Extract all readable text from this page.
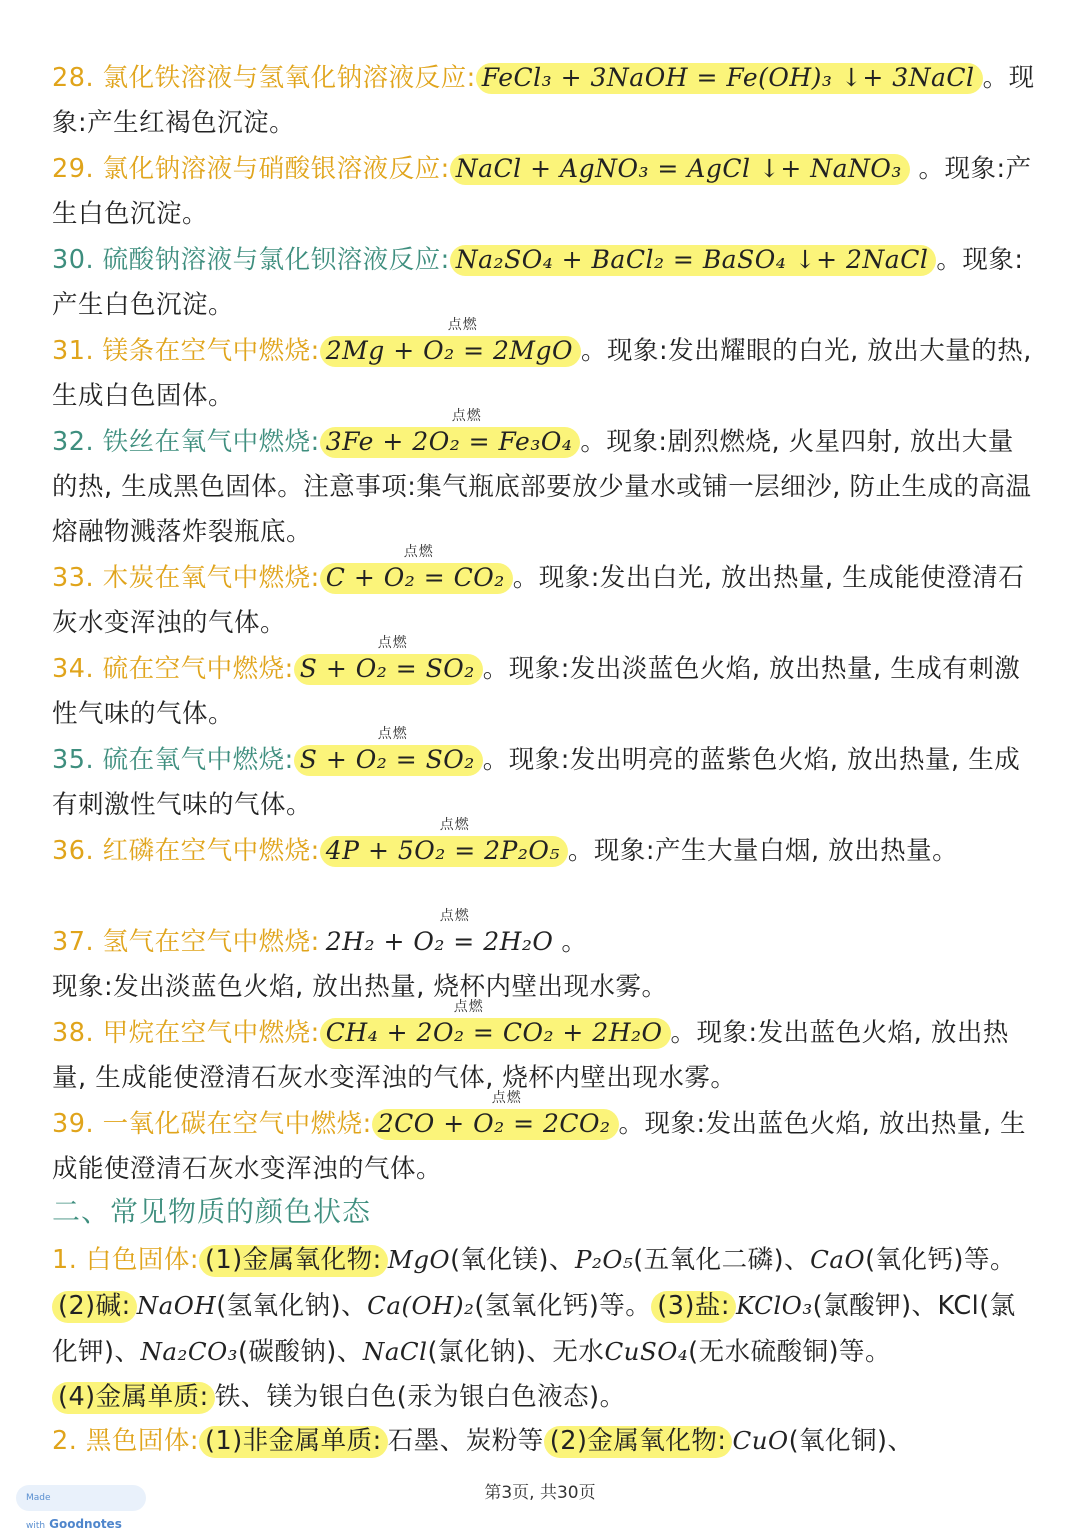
28. 氯化铁溶液与氢氧化钠溶液反应: FeCl₃ + 3NaOH = Fe(OH)₃ ↓+ 3NaCl 。现象:产生红褐色沉淀。
29. 氯化钠溶液与硝酸银溶液反应: NaCl + AgNO₃ = AgCl ↓+ NaNO₃ 。现象:产生白色沉淀。
30. 硫酸钠溶液与氯化钡溶液反应: Na₂SO₄ + BaCl₂ = BaSO₄ ↓+ 2NaCl 。现象:产生白色沉淀。
31. 镁条在空气中燃烧:
点燃
2Mg + O₂ = 2MgO 。现象:发出耀眼的白光, 放出大量的热, 生成白色固体。
32. 铁丝在氧气中燃烧:
点燃
3Fe + 2O₂ = Fe₃O₄ 。现象:剧烈燃烧, 火星四射, 放出大量的热, 生成黑色固体。注意事项:集气瓶底部要放少量水或铺一层细沙, 防止生成的高温熔融物溅落炸裂瓶底。
33. 木炭在氧气中燃烧:
点燃
C + O₂ = CO₂ 。现象:发出白光, 放出热量, 生成能使澄清石灰水变浑浊的气体。
34. 硫在空气中燃烧:
点燃
S + O₂ = SO₂ 。现象:发出淡蓝色火焰, 放出热量, 生成有刺激性气味的气体。
35. 硫在氧气中燃烧:
点燃
S + O₂ = SO₂ 。现象:发出明亮的蓝紫色火焰, 放出热量, 生成有刺激性气味的气体。
36. 红磷在空气中燃烧:
点燃
4P + 5O₂ = 2P₂O₅ 。现象:产生大量白烟, 放出热量。
37. 氢气在空气中燃烧:
点燃
2H₂ + O₂ = 2H₂O 。
现象:发出淡蓝色火焰, 放出热量, 烧杯内壁出现水雾。
38. 甲烷在空气中燃烧:
点燃
CH₄ + 2O₂ = CO₂ + 2H₂O 。现象:发出蓝色火焰, 放出热量, 生成能使澄清石灰水变浑浊的气体, 烧杯内壁出现水雾。
39. 一氧化碳在空气中燃烧:
点燃
2CO + O₂ = 2CO₂ 。现象:发出蓝色火焰, 放出热量, 生成能使澄清石灰水变浑浊的气体。
二、常见物质的颜色状态
1. 白色固体: (1)金属氧化物: MgO(氧化镁)、P₂O₅(五氧化二磷)、CaO(氧化钙)等。(2)碱: NaOH(氢氧化钠)、Ca(OH)₂(氢氧化钙)等。 (3)盐: KClO₃(氯酸钾)、KCl(氯化钾)、Na₂CO₃(碳酸钠)、NaCl(氯化钠)、无水CuSO₄(无水硫酸铜)等。(4)金属单质: 铁、镁为银白色(汞为银白色液态)。
2. 黑色固体: (1)非金属单质: 石墨、炭粉等 (2)金属氧化物: CuO(氧化铜)、
第3页, 共30页
Made with Goodnotes
